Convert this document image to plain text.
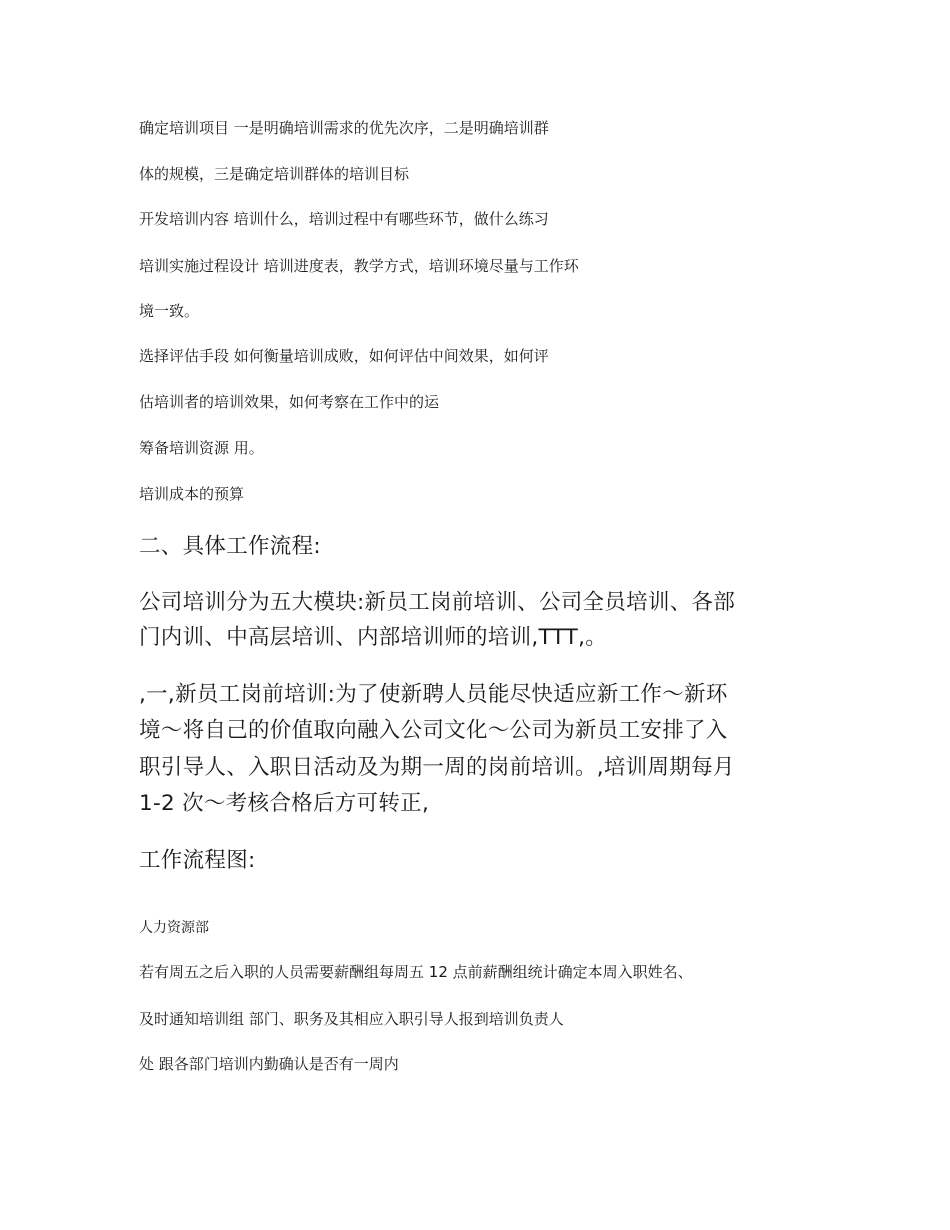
确定培训项目 一是明确培训需求的优先次序，二是明确培训群
体的规模，三是确定培训群体的培训目标
开发培训内容 培训什么，培训过程中有哪些环节，做什么练习
培训实施过程设计 培训进度表，教学方式，培训环境尽量与工作环
境一致。
选择评估手段 如何衡量培训成败，如何评估中间效果，如何评
估培训者的培训效果，如何考察在工作中的运
筹备培训资源 用。
培训成本的预算
二、具体工作流程:
公司培训分为五大模块:新员工岗前培训、公司全员培训、各部
门内训、中高层培训、内部培训师的培训,TTT,。
,一,新员工岗前培训:为了使新聘人员能尽快适应新工作～新环
境～将自己的价值取向融入公司文化～公司为新员工安排了入
职引导人、入职日活动及为期一周的岗前培训。,培训周期每月
1-2 次～考核合格后方可转正,
工作流程图:
人力资源部
若有周五之后入职的人员需要薪酬组每周五 12 点前薪酬组统计确定本周入职姓名、
及时通知培训组 部门、职务及其相应入职引导人报到培训负责人
处 跟各部门培训内勤确认是否有一周内
